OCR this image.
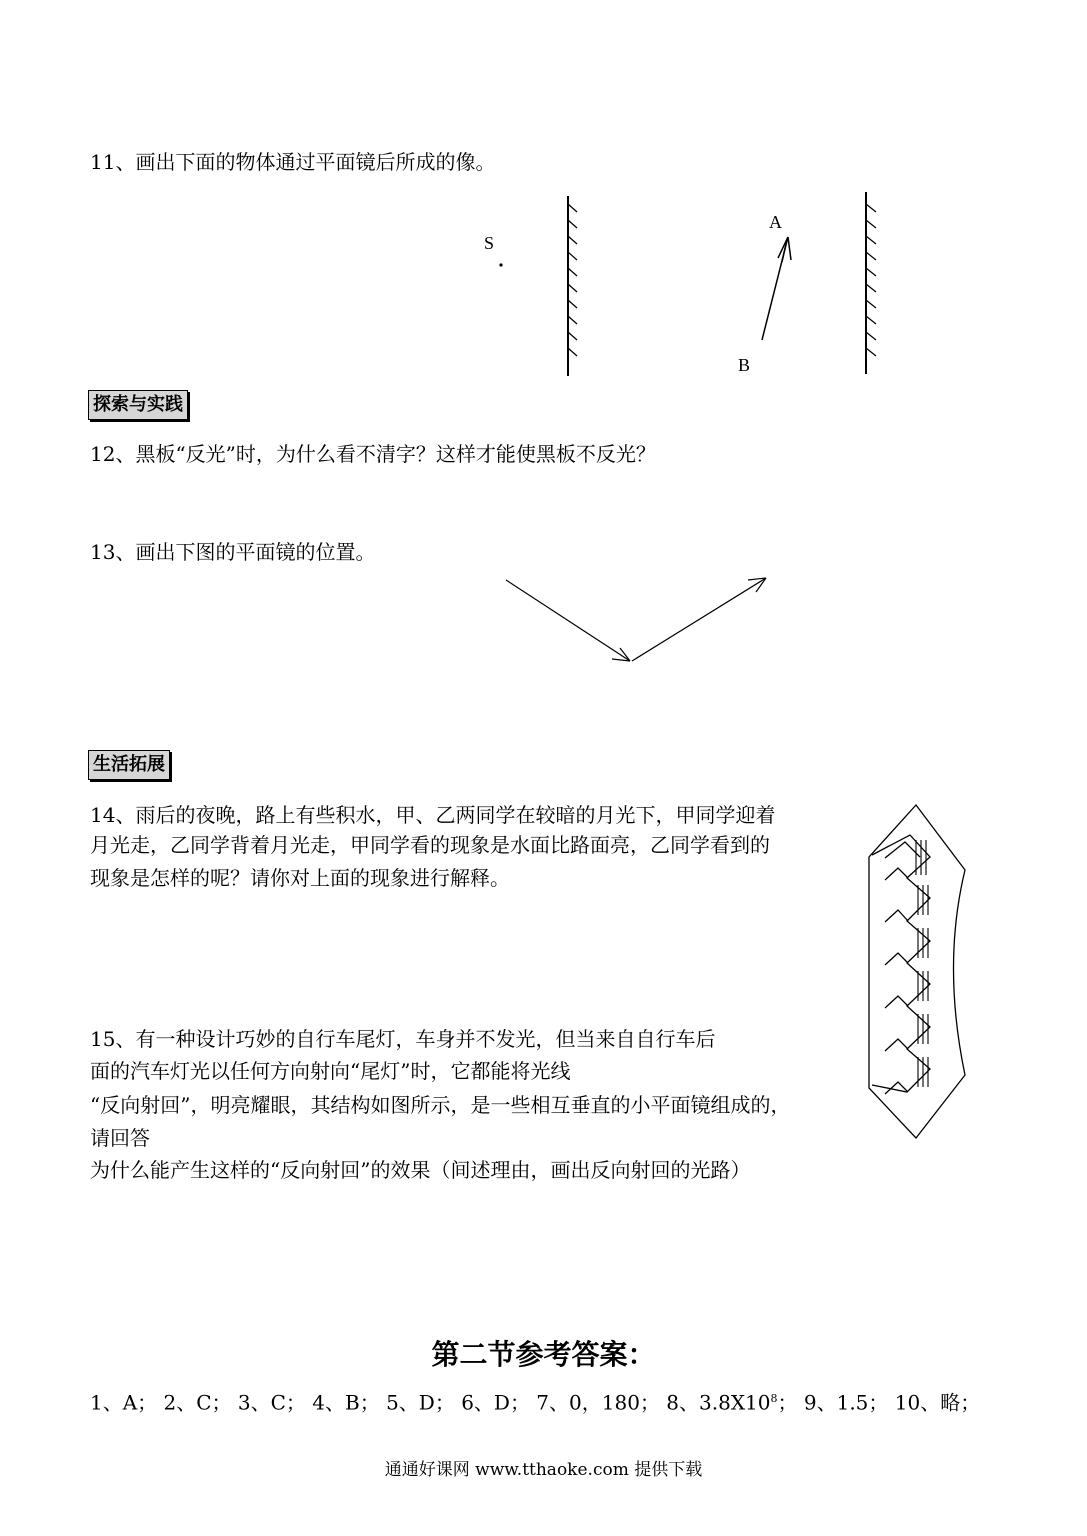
11、画出下面的物体通过平面镜后所成的像。
S
A
B
探索与实践
12、黑板“反光”时，为什么看不清字？这样才能使黑板不反光？
13、画出下图的平面镜的位置。
生活拓展
14、雨后的夜晚，路上有些积水，甲、乙两同学在较暗的月光下，甲同学迎着
月光走，乙同学背着月光走，甲同学看的现象是水面比路面亮，乙同学看到的
现象是怎样的呢？请你对上面的现象进行解释。
15、有一种设计巧妙的自行车尾灯，车身并不发光，但当来自自行车后
面的汽车灯光以任何方向射向“尾灯”时，它都能将光线
“反向射回”，明亮耀眼，其结构如图所示，是一些相互垂直的小平面镜组成的，
请回答
为什么能产生这样的“反向射回”的效果（间述理由，画出反向射回的光路）
第二节参考答案：
1、A； 2、C； 3、C； 4、B； 5、D； 6、D； 7、0，180； 8、$3.8X10^8$； 9、1.5； 10、略；
通通好课网 www.tthaoke.com 提供下载
